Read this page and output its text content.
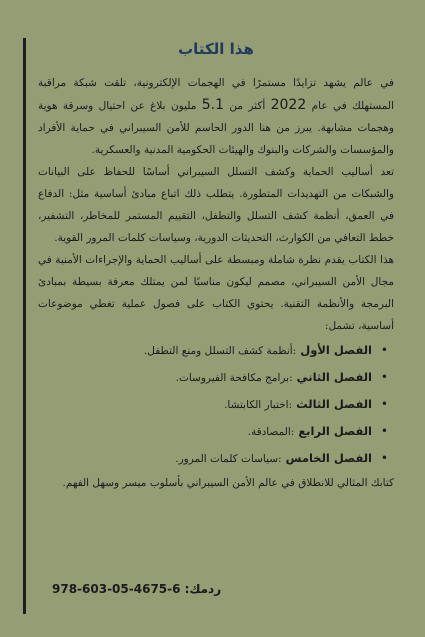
هذا الكتاب

في عالم يشهد تزايدًا مستمرًا في الهجمات الإلكترونية، تلقت شبكة مراقبة المستهلك في عام 2022 أكثر من 5.1 مليون بلاغ عن احتيال وسرقة هوية وهجمات مشابهة. يبرز من هنا الدور الحاسم للأمن السيبراني في حماية الأفراد والمؤسسات والشركات والبنوك والهيئات الحكومية المدنية والعسكرية.

تعد أساليب الحماية وكشف التسلل السيبراني أساسًا للحفاظ على البيانات والشبكات من التهديدات المتطورة. يتطلب ذلك اتباع مبادئ أساسية مثل: الدفاع في العمق، أنظمة كشف التسلل والتطفل، التقييم المستمر للمخاطر، التشفير، خطط التعافي من الكوارث، التحديثات الدورية، وسياسات كلمات المرور القوية.

هذا الكتاب يقدم نظرة شاملة ومبسطة على أساليب الحماية والإجراءات الأمنية في مجال الأمن السيبراني، مصمم ليكون مناسبًا لمن يمتلك معرفة بسيطة بمبادئ البرمجة والأنظمة التقنية. يحتوي الكتاب على فصول عملية تغطي موضوعات أساسية، تشمل:

• الفصل الأول:أنظمة كشف التسلل ومنع التطفل.
• الفصل الثاني:برامج مكافحة الفيروسات.
• الفصل الثالث:اختبار الكابتشا.
• الفصل الرابع:المصادقة.
• الفصل الخامس:سياسات كلمات المرور.

كتابك المثالي للانطلاق في عالم الأمن السيبراني بأسلوب ميسر وسهل الفهم.

ردمك: 978-603-05-4675-6
